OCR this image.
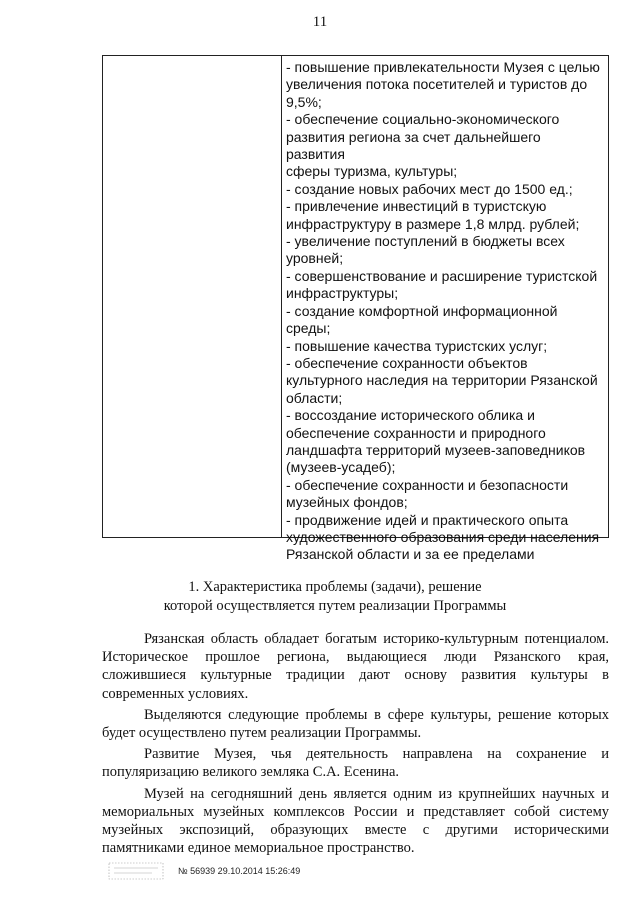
11
- повышение привлекательности Музея с целью
увеличения потока посетителей и туристов до
9,5%;
- обеспечение социально-экономического
развития региона за счет дальнейшего развития
сферы туризма, культуры;
- создание новых рабочих мест до 1500 ед.;
- привлечение инвестиций в туристскую
инфраструктуру в размере 1,8 млрд. рублей;
- увеличение поступлений в бюджеты всех
уровней;
- совершенствование и расширение туристской
инфраструктуры;
- создание комфортной информационной среды;
- повышение качества туристских услуг;
- обеспечение сохранности объектов
культурного наследия на территории Рязанской
области;
- воссоздание исторического облика и
обеспечение сохранности и природного
ландшафта территорий музеев-заповедников
(музеев-усадеб);
- обеспечение сохранности и безопасности
музейных фондов;
- продвижение идей и практического опыта
художественного образования среди населения
Рязанской области и за ее пределами
1. Характеристика проблемы (задачи), решение
которой осуществляется путем реализации Программы

Рязанская область обладает богатым историко-культурным потенциалом. Историческое прошлое региона, выдающиеся люди Рязанского края, сложившиеся культурные традиции дают основу развития культуры в современных условиях.

Выделяются следующие проблемы в сфере культуры, решение которых будет осуществлено путем реализации Программы.

Развитие Музея, чья деятельность направлена на сохранение и популяризацию великого земляка С.А. Есенина.

Музей на сегодняшний день является одним из крупнейших научных и мемориальных музейных комплексов России и представляет собой систему музейных экспозиций, образующих вместе с другими историческими памятниками единое мемориальное пространство.

№ 56939 29.10.2014 15:26:49
